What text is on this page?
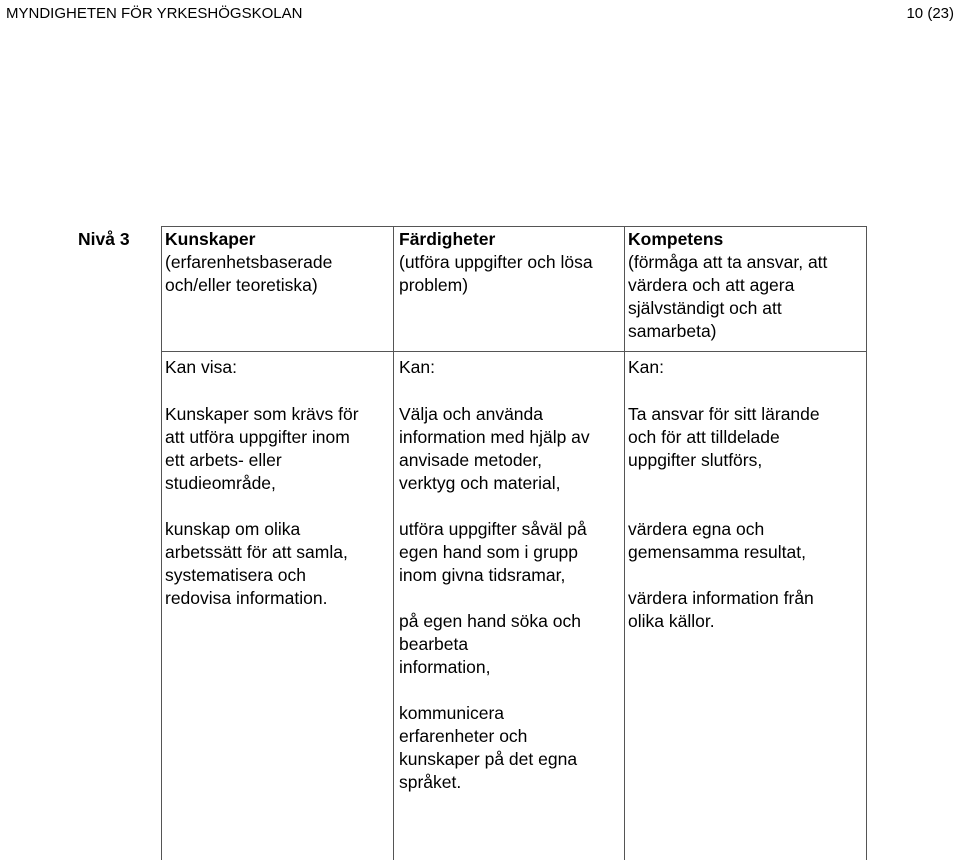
MYNDIGHETEN FÖR YRKESHÖGSKOLAN	10 (23)
Nivå 3 Kunskaper
(erfarenhetsbaserade
och/eller teoretiska)
Kan visa:
Kunskaper som krävs för
att utföra uppgifter inom
ett arbets- eller
studieområde,
kunskap om olika
arbetssätt för att samla,
systematisera och
redovisa information.
Färdigheter
(utföra uppgifter och lösa
problem)
Kan:
Välja och använda
information med hjälp av
anvisade metoder,
verktyg och material,
utföra uppgifter såväl på
egen hand som i grupp
inom givna tidsramar,
på egen hand söka och
bearbeta
information,
kommunicera
erfarenheter och
kunskaper på det egna
språket.
Kompetens
(förmåga att ta ansvar, att
värdera och att agera
självständigt och att
samarbeta)
Kan:
Ta ansvar för sitt lärande
och för att tilldelade
uppgifter slutförs,
värdera egna och
gemensamma resultat,
värdera information från
olika källor.
